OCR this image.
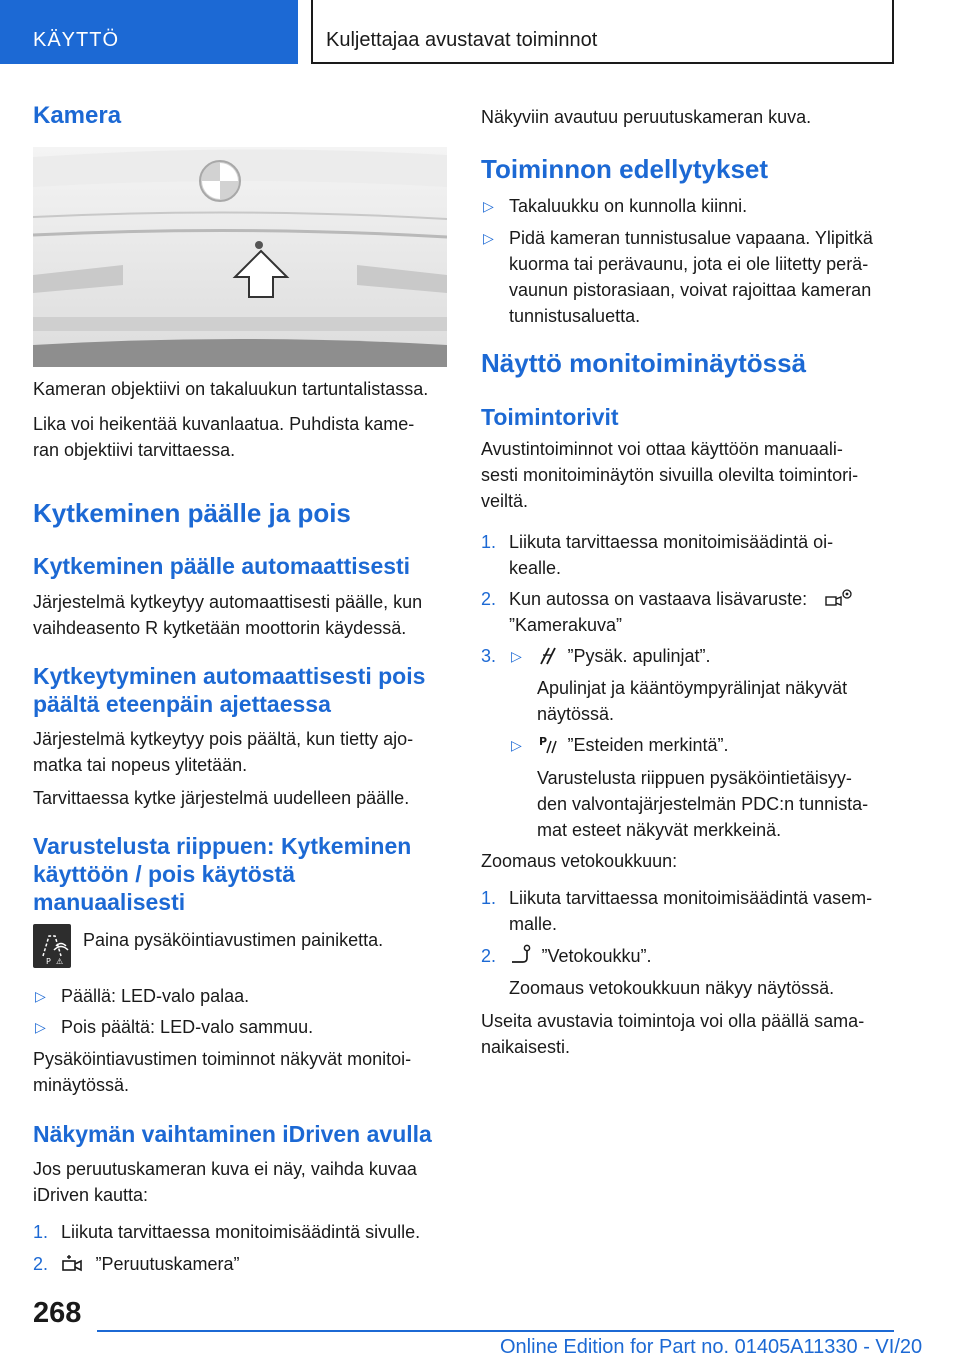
KÄYTTÖ	Kuljettajaa avustavat toiminnot
Kamera

Kameran objektiivi on takaluukun tartuntalistassa.

Lika voi heikentää kuvanlaatua. Puhdista kame-

ran objektiivi tarvittaessa.

Kytkeminen päälle ja pois
Kytkeminen päälle automaattisesti

Järjestelmä kytkeytyy automaattisesti päälle, kun

vaihdeasento R kytketään moottorin käydessä.

Kytkeytyminen automaattisesti pois
päältä eteenpäin ajettaessa

Järjestelmä kytkeytyy pois päältä, kun tietty ajo-

matka tai nopeus ylitetään.

Tarvittaessa kytke järjestelmä uudelleen päälle.

Varustelusta riippuen: Kytkeminen
käyttöön / pois käytöstä
manuaalisesti
P ⚠

Paina pysäköintiavustimen painiketta.

▷ Päällä: LED-valo palaa.

▷ Pois päältä: LED-valo sammuu.

Pysäköintiavustimen toiminnot näkyvät monitoi-

minäytössä.

Näkymän vaihtaminen iDriven avulla

Jos peruutuskameran kuva ei näy, vaihda kuvaa

iDriven kautta:

1. Liikuta tarvittaessa monitoimisäädintä sivulle.

2.	”Peruutuskamera”

Näkyviin avautuu peruutuskameran kuva.

Toiminnon edellytykset
▷ Takaluukku on kunnolla kiinni.

▷ Pidä kameran tunnistusalue vapaana. Ylipitkä

kuorma tai perävaunu, jota ei ole liitetty perä-

vaunun pistorasiaan, voivat rajoittaa kameran

tunnistusaluetta.

Näyttö monitoiminäytössä
Toimintorivit

Avustintoiminnot voi ottaa käyttöön manuaali-

sesti monitoiminäytön sivuilla olevilta toimintori-

veiltä.

1. Liikuta tarvittaessa monitoimisäädintä oi-

kealle.

2. Kun autossa on vastaava lisävaruste:

”Kamerakuva”

3. ▷	”Pysäk. apulinjat”.

Apulinjat ja kääntöympyrälinjat näkyvät

näytössä.

▷ P ”Esteiden merkintä”.

Varustelusta riippuen pysäköintietäisyy-

den valvontajärjestelmän PDC:n tunnista-

mat esteet näkyvät merkkeinä.

Zoomaus vetokoukkuun:

1. Liikuta tarvittaessa monitoimisäädintä vasem-

malle.

2.	”Vetokoukku”.

Zoomaus vetokoukkuun näkyy näytössä.

Useita avustavia toimintoja voi olla päällä sama-

naikaisesti.

268
Online Edition for Part no. 01405A11330 - VI/20
